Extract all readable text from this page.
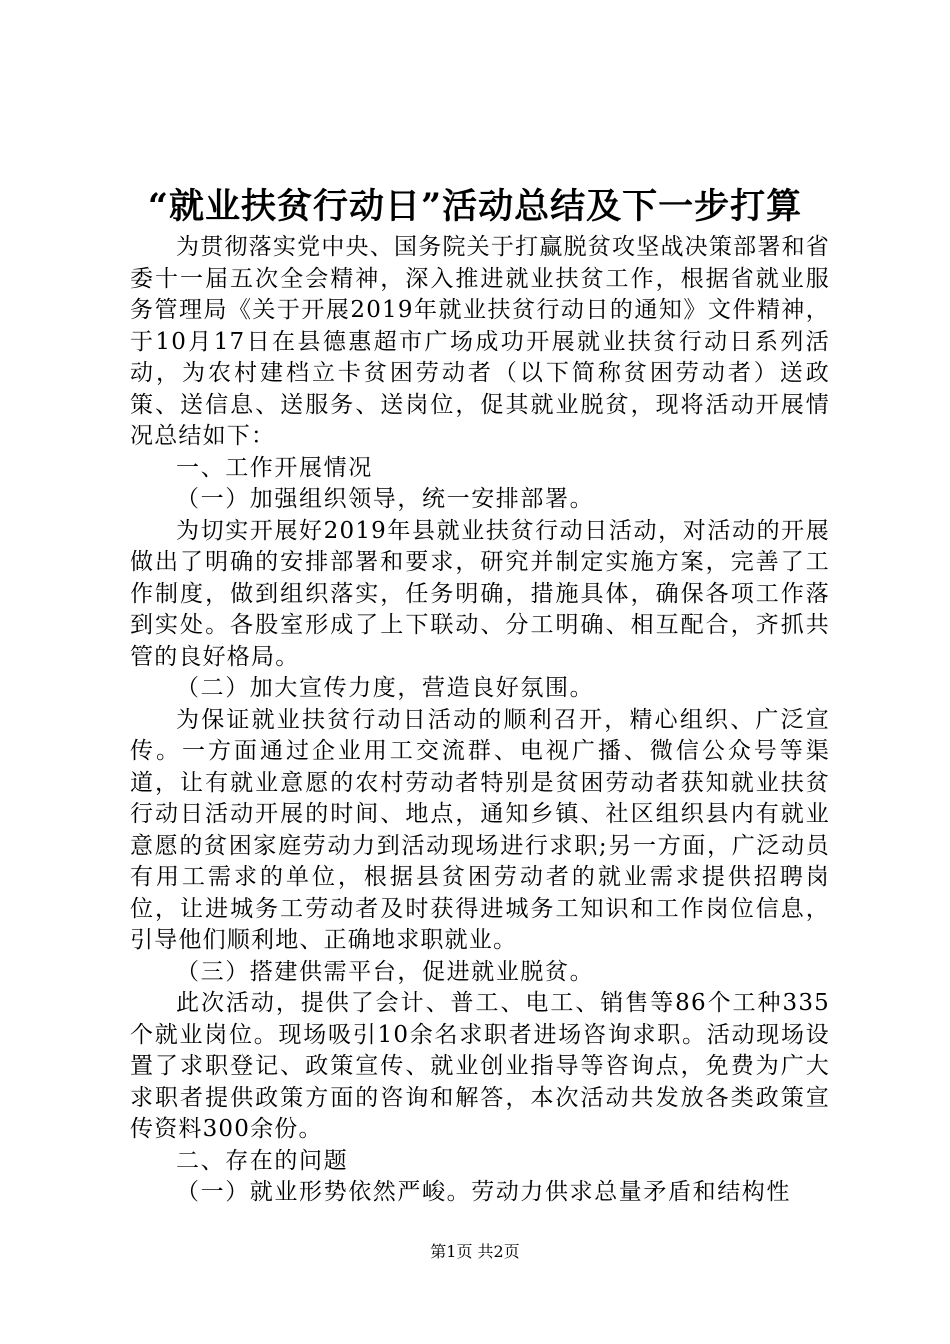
“就业扶贫行动日”活动总结及下一步打算

为贯彻落实党中央、国务院关于打赢脱贫攻坚战决策部署和省委十一届五次全会精神，深入推进就业扶贫工作，根据省就业服务管理局《关于开展2019年就业扶贫行动日的通知》文件精神，于10月17日在县德惠超市广场成功开展就业扶贫行动日系列活动，为农村建档立卡贫困劳动者（以下简称贫困劳动者）送政策、送信息、送服务、送岗位，促其就业脱贫，现将活动开展情况总结如下：

一、工作开展情况

（一）加强组织领导，统一安排部署。

为切实开展好2019年县就业扶贫行动日活动，对活动的开展做出了明确的安排部署和要求，研究并制定实施方案，完善了工作制度，做到组织落实，任务明确，措施具体，确保各项工作落到实处。各股室形成了上下联动、分工明确、相互配合，齐抓共管的良好格局。

（二）加大宣传力度，营造良好氛围。

为保证就业扶贫行动日活动的顺利召开，精心组织、广泛宣传。一方面通过企业用工交流群、电视广播、微信公众号等渠道，让有就业意愿的农村劳动者特别是贫困劳动者获知就业扶贫行动日活动开展的时间、地点，通知乡镇、社区组织县内有就业意愿的贫困家庭劳动力到活动现场进行求职;另一方面，广泛动员有用工需求的单位，根据县贫困劳动者的就业需求提供招聘岗位，让进城务工劳动者及时获得进城务工知识和工作岗位信息，引导他们顺利地、正确地求职就业。

（三）搭建供需平台，促进就业脱贫。

此次活动，提供了会计、普工、电工、销售等86个工种335个就业岗位。现场吸引10余名求职者进场咨询求职。活动现场设置了求职登记、政策宣传、就业创业指导等咨询点，免费为广大求职者提供政策方面的咨询和解答，本次活动共发放各类政策宣传资料300余份。

二、存在的问题

（一）就业形势依然严峻。劳动力供求总量矛盾和结构性

第1页 共2页
